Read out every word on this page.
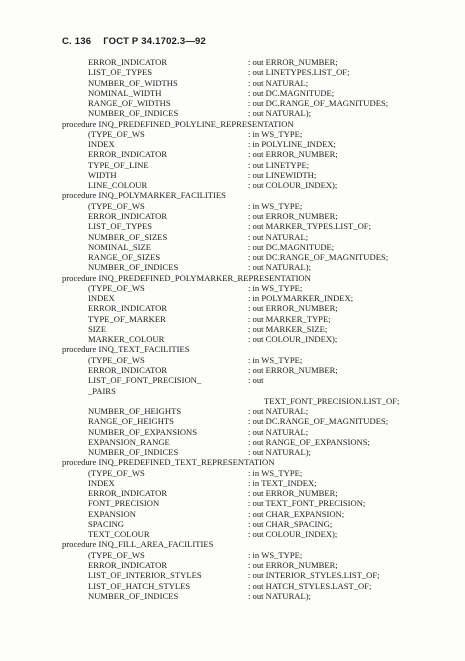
С. 136 ГОСТ Р 34.1702.3—92
ERROR_INDICATOR	: out ERROR_NUMBER;
LIST_OF_TYPES	: out LINETYPES.LIST_OF;
NUMBER_OF_WIDTHS	: out NATURAL;
NOMINAL_WIDTH	: out DC.MAGNITUDE;
RANGE_OF_WIDTHS	: out DC.RANGE_OF_MAGNITUDES;
NUMBER_OF_INDICES	: out NATURAL);
procedure INQ_PREDEFINED_POLYLINE_REPRESENTATION
(TYPE_OF_WS	: in WS_TYPE;
INDEX	: in POLYLINE_INDEX;
ERROR_INDICATOR	: out ERROR_NUMBER;
TYPE_OF_LINE	: out LINETYPE;
WIDTH	: out LINEWIDTH;
LINE_COLOUR	: out COLOUR_INDEX);
procedure INQ_POLYMARKER_FACILITIES
(TYPE_OF_WS	: in WS_TYPE;
ERROR_INDICATOR	: out ERROR_NUMBER;
LIST_OF_TYPES	: out MARKER_TYPES.LIST_OF;
NUMBER_OF_SIZES	: out NATURAL;
NOMINAL_SIZE	: out DC.MAGNITUDE;
RANGE_OF_SIZES	: out DC.RANGE_OF_MAGNITUDES;
NUMBER_OF_INDICES	: out NATURAL);
procedure INQ_PREDEFINED_POLYMARKER_REPRESENTATION
(TYPE_OF_WS	: in WS_TYPE;
INDEX	: in POLYMARKER_INDEX;
ERROR_INDICATOR	: out ERROR_NUMBER;
TYPE_OF_MARKER	: out MARKER_TYPE;
SIZE	: out MARKER_SIZE;
MARKER_COLOUR	: out COLOUR_INDEX);
procedure INQ_TEXT_FACILITIES
(TYPE_OF_WS	: in WS_TYPE;
ERROR_INDICATOR	: out ERROR_NUMBER;
LIST_OF_FONT_PRECISION_	: out
_PAIRS
TEXT_FONT_PRECISION.LIST_OF;
NUMBER_OF_HEIGHTS	: out NATURAL;
RANGE_OF_HEIGHTS	: out DC.RANGE_OF_MAGNITUDES;
NUMBER_OF_EXPANSIONS	: out NATURAL;
EXPANSION_RANGE	: out RANGE_OF_EXPANSIONS;
NUMBER_OF_INDICES	: out NATURAL);
procedure INQ_PREDEFINED_TEXT_REPRESENTATION
(TYPE_OF_WS	: in WS_TYPE;
INDEX	: in TEXT_INDEX;
ERROR_INDICATOR	: out ERROR_NUMBER;
FONT_PRECISION	: out TEXT_FONT_PRECISION;
EXPANSION	: out CHAR_EXPANSION;
SPACING	: out CHAR_SPACING;
TEXT_COLOUR	: out COLOUR_INDEX);
procedure INQ_FILL_AREA_FACILITIES
(TYPE_OF_WS	: in WS_TYPE;
ERROR_INDICATOR	: out ERROR_NUMBER;
LIST_OF_INTERIOR_STYLES	: out INTERIOR_STYLES.LIST_OF;
LIST_OF_HATCH_STYLES	: out HATCH_STYLES.LAST_OF;
NUMBER_OF_INDICES	: out NATURAL);
